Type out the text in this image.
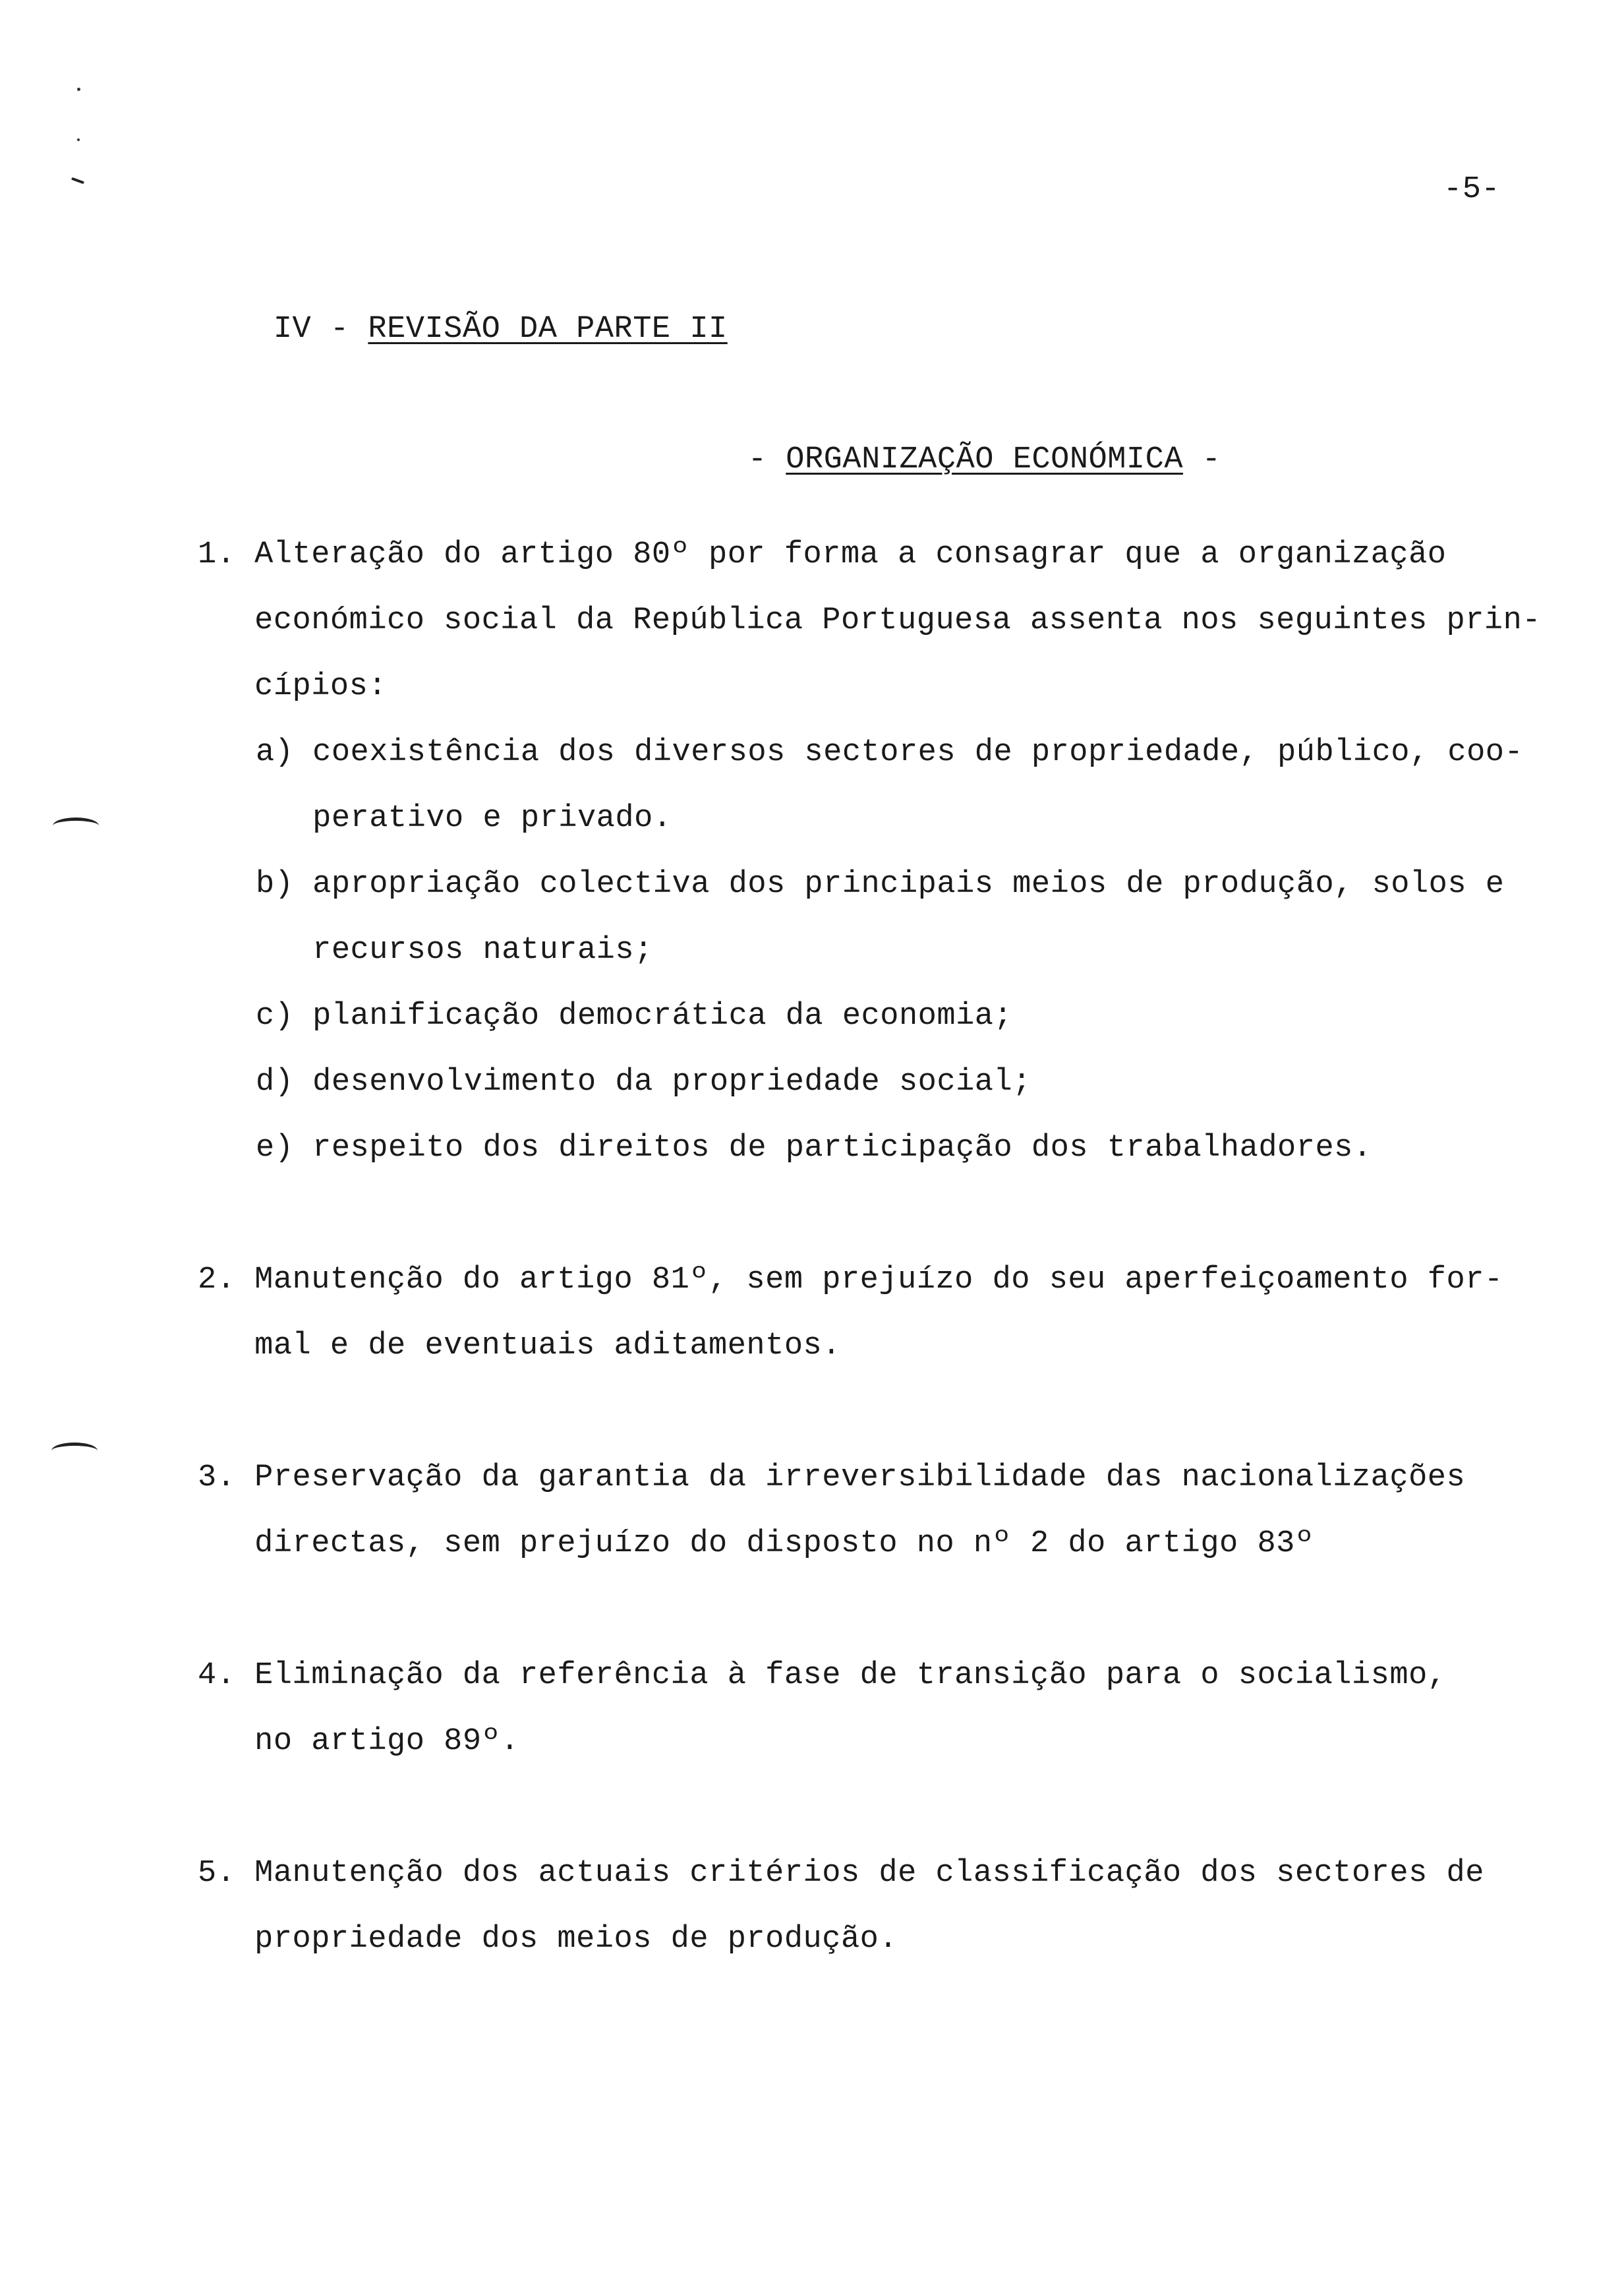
-5-

IV - REVISÃO DA PARTE II

- ORGANIZAÇÃO ECONÓMICA -

1. Alteração do artigo 80º por forma a consagrar que a organização
económico social da República Portuguesa assenta nos seguintes prin-
cípios:
a) coexistência dos diversos sectores de propriedade, público, coo-
perativo e privado.
b) apropriação colectiva dos principais meios de produção, solos e
recursos naturais;
c) planificação democrática da economia;
d) desenvolvimento da propriedade social;
e) respeito dos direitos de participação dos trabalhadores.
2. Manutenção do artigo 81º, sem prejuízo do seu aperfeiçoamento for-
mal e de eventuais aditamentos.
3. Preservação da garantia da irreversibilidade das nacionalizações
directas, sem prejuízo do disposto no nº 2 do artigo 83º
4. Eliminação da referência à fase de transição para o socialismo,
no artigo 89º.
5. Manutenção dos actuais critérios de classificação dos sectores de
propriedade dos meios de produção.
